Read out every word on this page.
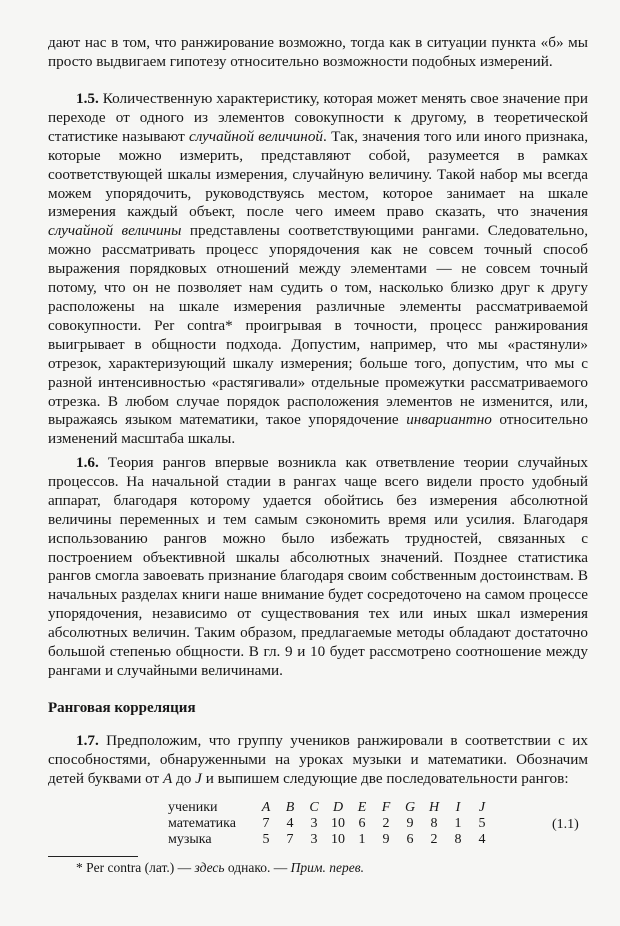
дают нас в том, что ранжирование возможно, тогда как в ситуации пункта «б» мы просто выдвигаем гипотезу относительно возможности подобных измерений.
1.5. Количественную характеристику, которая может менять свое значение при переходе от одного из элементов совокупности к другому, в теоретической статистике называют случайной величиной. Так, значения того или иного признака, которые можно измерить, представляют собой, разумеется в рамках соответствующей шкалы измерения, случайную величину. Такой набор мы всегда можем упорядочить, руководствуясь местом, которое занимает на шкале измерения каждый объект, после чего имеем право сказать, что значения случайной величины представлены соответствующими рангами. Следовательно, можно рассматривать процесс упорядочения как не совсем точный способ выражения порядковых отношений между элементами — не совсем точный потому, что он не позволяет нам судить о том, насколько близко друг к другу расположены на шкале измерения различные элементы рассматриваемой совокупности. Per contra* проигрывая в точности, процесс ранжирования выигрывает в общности подхода. Допустим, например, что мы «растянули» отрезок, характеризующий шкалу измерения; больше того, допустим, что мы с разной интенсивностью «растягивали» отдельные промежутки рассматриваемого отрезка. В любом случае порядок расположения элементов не изменится, или, выражаясь языком математики, такое упорядочение инвариантно относительно изменений масштаба шкалы.
1.6. Теория рангов впервые возникла как ответвление теории случайных процессов. На начальной стадии в рангах чаще всего видели просто удобный аппарат, благодаря которому удается обойтись без измерения абсолютной величины переменных и тем самым сэкономить время или усилия. Благодаря использованию рангов можно было избежать трудностей, связанных с построением объективной шкалы абсолютных значений. Позднее статистика рангов смогла завоевать признание благодаря своим собственным достоинствам. В начальных разделах книги наше внимание будет сосредоточено на самом процессе упорядочения, независимо от существования тех или иных шкал измерения абсолютных величин. Таким образом, предлагаемые методы обладают достаточно большой степенью общности. В гл. 9 и 10 будет рассмотрено соотношение между рангами и случайными величинами.
Ранговая корреляция
1.7. Предположим, что группу учеников ранжировали в соответствии с их способностями, обнаруженными на уроках музыки и математики. Обозначим детей буквами от A до J и выпишем следующие две последовательности рангов:
ученики	A	B	C	D	E	F	G	H	I	J
математика	7	4	3	10	6	2	9	8	1	5
музыка	5	7	3	10	1	9	6	2	8	4
(1.1)
* Per contra (лат.) — здесь однако. — Прим. перев.
